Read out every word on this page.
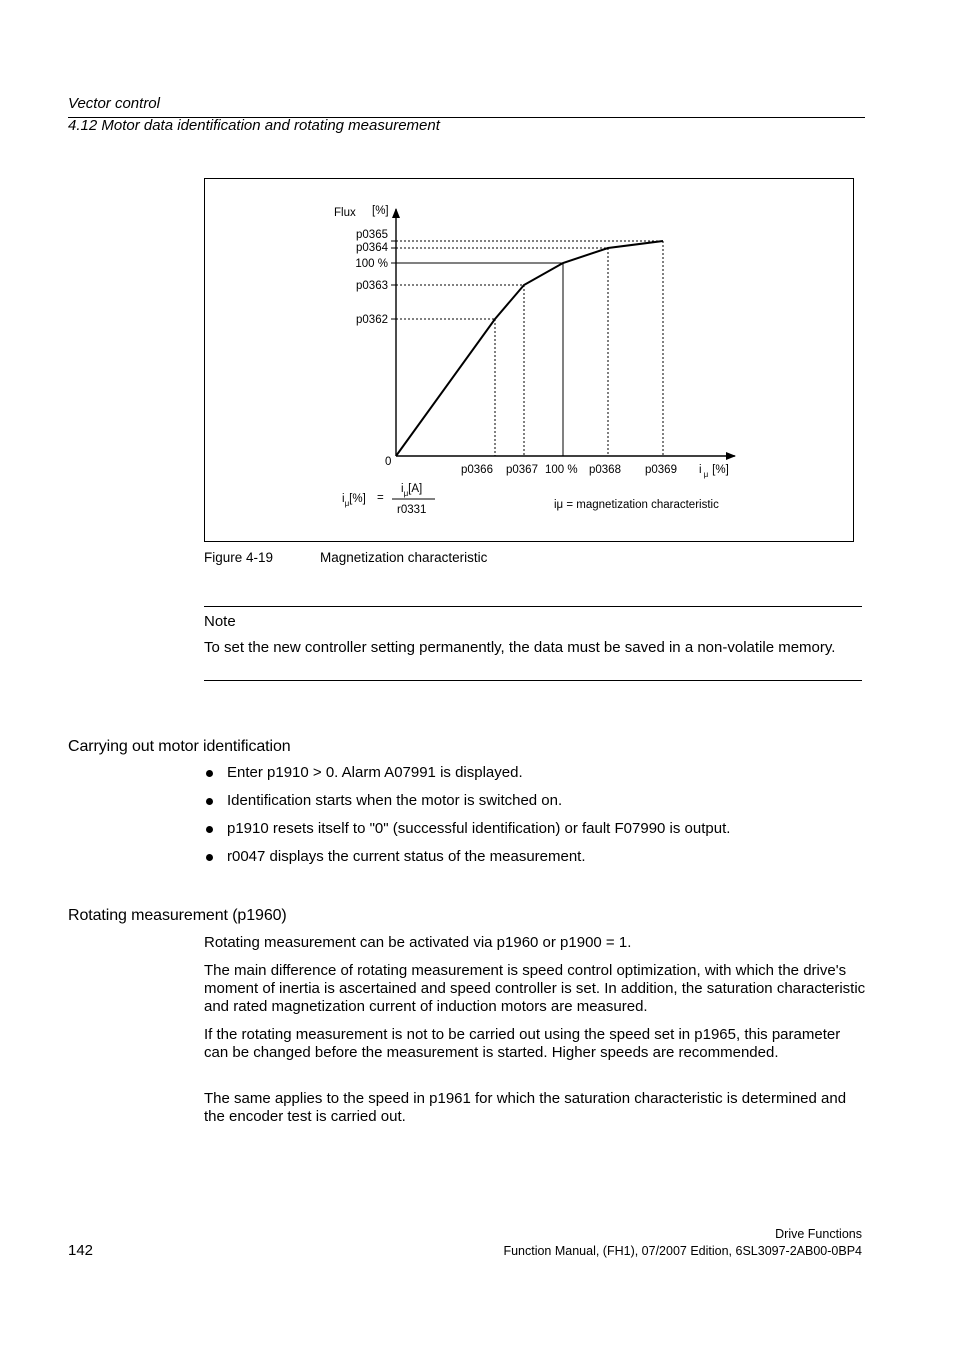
Vector control
4.12 Motor data identification and rotating measurement
p0366 p0367 100 % p0368 p0369
p0362
p0363
100 %
p0364
p0365
Flux [%]
0
i $_\mu$ [%]
$i_\mu[\%]$ =
$i_\mu[A]$
r0331	iμ = magnetization characteristic
Figure 4-19	Magnetization characteristic
Note
To set the new controller setting permanently, the data must be saved in a non-volatile memory.
Carrying out motor identification
Enter p1910 > 0. Alarm A07991 is displayed.
Identification starts when the motor is switched on.
p1910 resets itself to "0" (successful identification) or fault F07990 is output.
r0047 displays the current status of the measurement.
Rotating measurement (p1960)
Rotating measurement can be activated via p1960 or p1900 = 1.
The main difference of rotating measurement is speed control optimization, with which the drive's moment of inertia is ascertained and speed controller is set. In addition, the saturation characteristic and rated magnetization current of induction motors are measured.
If the rotating measurement is not to be carried out using the speed set in p1965, this parameter can be changed before the measurement is started. Higher speeds are recommended.
The same applies to the speed in p1961 for which the saturation characteristic is determined and the encoder test is carried out.
142
Drive Functions
Function Manual, (FH1), 07/2007 Edition, 6SL3097-2AB00-0BP4
